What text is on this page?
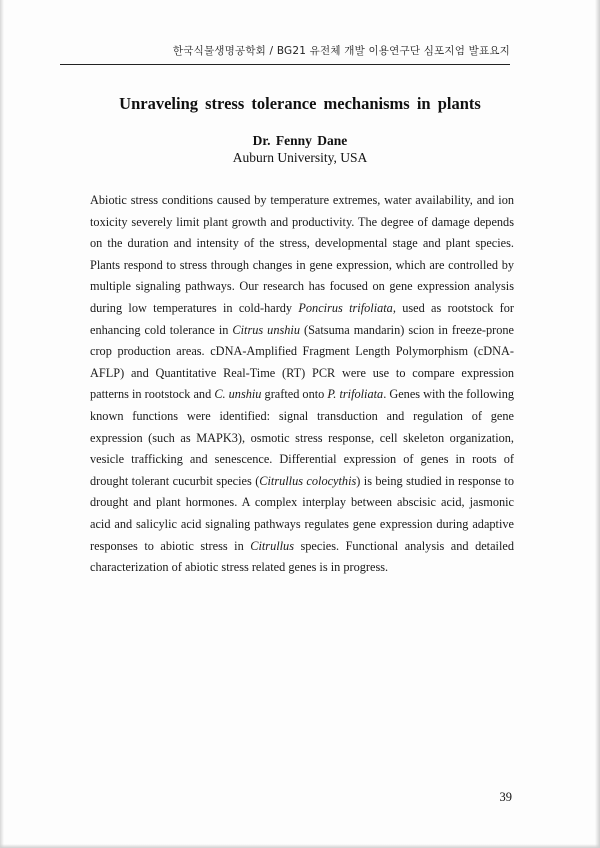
한국식물생명공학회 / BG21 유전체 개발 이용연구단 심포지엄 발표요지
Unraveling stress tolerance mechanisms in plants
Dr. Fenny Dane
Auburn University, USA

Abiotic stress conditions caused by temperature extremes, water availability, and ion toxicity severely limit plant growth and productivity. The degree of damage depends on the duration and intensity of the stress, developmental stage and plant species. Plants respond to stress through changes in gene expression, which are controlled by multiple signaling pathways. Our research has focused on gene expression analysis during low temperatures in cold-hardy Poncirus trifoliata, used as rootstock for enhancing cold tolerance in Citrus unshiu (Satsuma mandarin) scion in freeze-prone crop production areas. cDNA-Amplified Fragment Length Polymorphism (cDNA-AFLP) and Quantitative Real-Time (RT) PCR were use to compare expression patterns in rootstock and C. unshiu grafted onto P. trifoliata. Genes with the following known functions were identified: signal transduction and regulation of gene expression (such as MAPK3), osmotic stress response, cell skeleton organization, vesicle trafficking and senescence. Differential expression of genes in roots of drought tolerant cucurbit species (Citrullus colocythis) is being studied in response to drought and plant hormones. A complex interplay between abscisic acid, jasmonic acid and salicylic acid signaling pathways regulates gene expression during adaptive responses to abiotic stress in Citrullus species. Functional analysis and detailed characterization of abiotic stress related genes is in progress.

39
